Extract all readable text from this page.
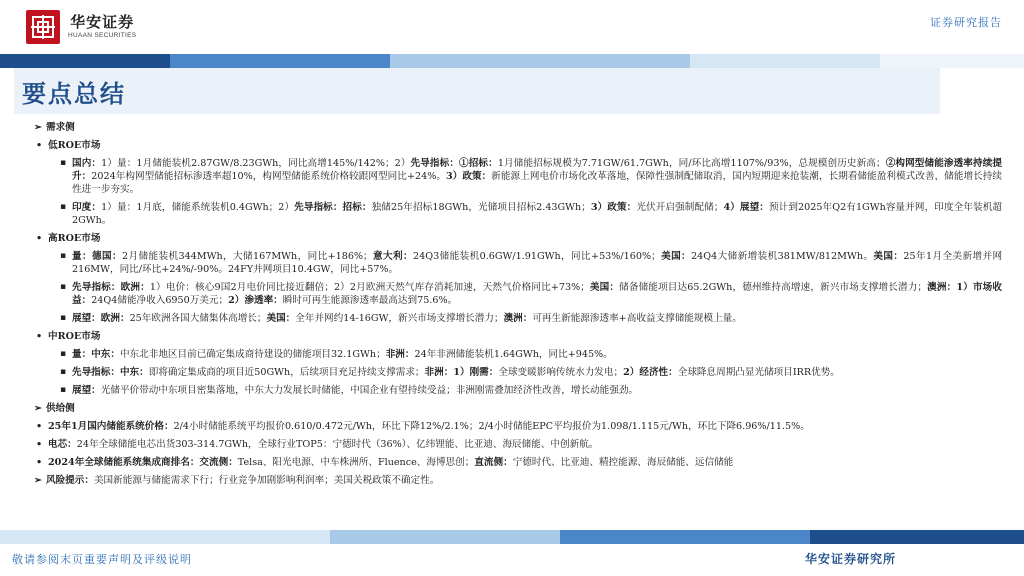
华安证券
HUAAN SECURITIES
证券研究报告
要点总结
➢ 需求侧
• 低ROE市场
▪ 国内：1）量：1月储能装机2.87GW/8.23GWh，同比高增145%/142%；2）先导指标：①招标：1月储能招标规模为7.71GW/61.7GWh，同/环比高增1107%/93%，总规模创历史新高；②构网型储能渗透率持续提升：2024年构网型储能招标渗透率超10%，构网型储能系统价格较跟网型同比+24%。3）政策：新能源上网电价市场化改革落地，保障性强制配储取消，国内短期迎来抢装潮，长期看储能盈利模式改善，储能增长持续性进一步夯实。
▪ 印度：1）量：1月底，储能系统装机0.4GWh；2）先导指标：招标：独储25年招标18GWh，光储项目招标2.43GWh；3）政策：光伏开启强制配储；4）展望：预计到2025年Q2有1GWh容量并网，印度全年装机超2GWh。
• 高ROE市场
▪ 量：德国：2月储能装机344MWh，大储167MWh，同比+186%；意大利：24Q3储能装机0.6GW/1.91GWh，同比+53%/160%；美国：24Q4大储新增装机381MW/812MWh。美国：25年1月全美新增并网216MW，同比/环比+24%/-90%。24FY并网项目10.4GW，同比+57%。
▪ 先导指标：欧洲：1）电价：核心9国2月电价同比接近翻倍；2）2月欧洲天然气库存消耗加速，天然气价格同比+73%；美国：储备储能项目达65.2GWh，德州维持高增速，新兴市场支撑增长潜力；澳洲：1）市场收益：24Q4储能净收入6950万美元；2）渗透率：瞬时可再生能源渗透率最高达到75.6%。
▪ 展望：欧洲：25年欧洲各国大储集体高增长；美国：全年并网约14-16GW，新兴市场支撑增长潜力；澳洲：可再生新能源渗透率+高收益支撑储能规模上量。
• 中ROE市场
▪ 量：中东：中东北非地区目前已确定集成商待建设的储能项目32.1GWh；非洲：24年非洲储能装机1.64GWh，同比+945%。
▪ 先导指标：中东：即将确定集成商的项目近50GWh，后续项目充足持续支撑需求；非洲：1）刚需：全球变暖影响传统水力发电；2）经济性：全球降息周期凸显光储项目IRR优势。
▪ 展望：光储平价带动中东项目密集落地，中东大力发展长时储能，中国企业有望持续受益；非洲刚需叠加经济性改善，增长动能强劲。
➢ 供给侧
• 25年1月国内储能系统价格：2/4小时储能系统平均报价0.610/0.472元/Wh，环比下降12%/2.1%；2/4小时储能EPC平均报价为1.098/1.115元/Wh，环比下降6.96%/11.5%。
• 电芯：24年全球储能电芯出货303-314.7GWh，全球行业TOP5：宁德时代（36%）、亿纬锂能、比亚迪、海辰储能、中创新航。
• 2024年全球储能系统集成商排名：交流侧：Telsa、阳光电源、中车株洲所、Fluence、海博思创；直流侧：宁德时代、比亚迪、精控能源、海辰储能、远信储能
➢ 风险提示：美国新能源与储能需求下行；行业竞争加剧影响利润率；美国关税政策不确定性。
敬请参阅末页重要声明及评级说明	华安证券研究所
